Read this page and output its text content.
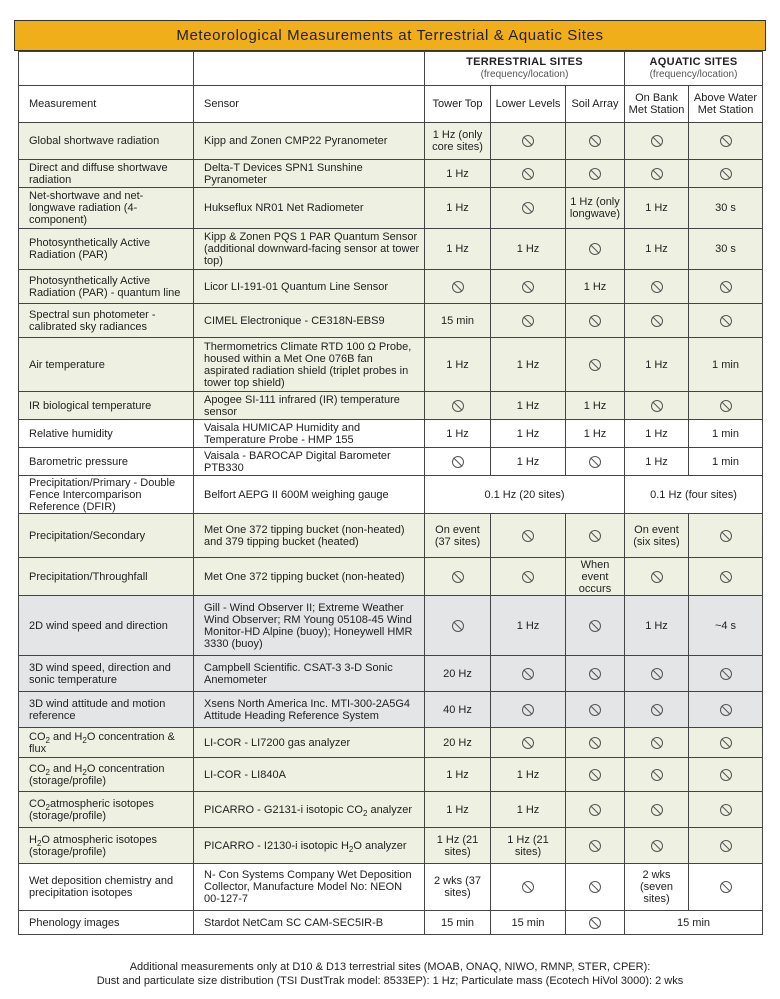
Meteorological Measurements at Terrestrial & Aquatic Sites
		TERRESTRIAL SITES
(frequency/location)			AQUATIC SITES
(frequency/location)	

Measurement	Sensor	Tower Top	Lower Levels	Soil Array	On Bank Met Station	Above Water Met Station
Global shortwave radiation	Kipp and Zonen CMP22 Pyranometer	1 Hz (only core sites)				
Direct and diffuse shortwave radiation	Delta-T Devices SPN1 Sunshine Pyranometer	1 Hz				
Net-shortwave and net-longwave radiation (4-component)	Hukseflux NR01 Net Radiometer	1 Hz		1 Hz (only longwave)	1 Hz	30 s
Photosynthetically Active Radiation (PAR)	Kipp & Zonen PQS 1 PAR Quantum Sensor (additional downward-facing sensor at tower top)	1 Hz	1 Hz		1 Hz	30 s
Photosynthetically Active Radiation (PAR) - quantum line	Licor LI-191-01 Quantum Line Sensor			1 Hz		
Spectral sun photometer - calibrated sky radiances	CIMEL Electronique - CE318N-EBS9	15 min				
Air temperature	Thermometrics Climate RTD 100 Ω Probe, housed within a Met One 076B fan aspirated radiation shield (triplet probes in tower top shield)	1 Hz	1 Hz		1 Hz	1 min
IR biological temperature	Apogee SI-111 infrared (IR) temperature sensor		1 Hz	1 Hz		
Relative humidity	Vaisala HUMICAP Humidity and Temperature Probe - HMP 155	1 Hz	1 Hz	1 Hz	1 Hz	1 min
Barometric pressure	Vaisala - BAROCAP Digital Barometer PTB330		1 Hz		1 Hz	1 min
Precipitation/Primary - Double Fence Intercomparison Reference (DFIR)	Belfort AEPG II 600M weighing gauge	0.1 Hz (20 sites)			0.1 Hz (four sites)	
Precipitation/Secondary	Met One 372 tipping bucket (non-heated) and 379 tipping bucket (heated)	On event (37 sites)			On event (six sites)	
Precipitation/Throughfall	Met One 372 tipping bucket (non-heated)			When event occurs		
2D wind speed and direction	Gill - Wind Observer II; Extreme Weather Wind Observer; RM Young 05108-45 Wind Monitor-HD Alpine (buoy); Honeywell HMR 3330 (buoy)		1 Hz		1 Hz	~4 s
3D wind speed, direction and sonic temperature	Campbell Scientific. CSAT-3 3-D Sonic Anemometer	20 Hz				
3D wind attitude and motion reference	Xsens North America Inc. MTI-300-2A5G4 Attitude Heading Reference System	40 Hz				
$CO_2$ and $H_2O$ concentration & flux	LI-COR - LI7200 gas analyzer	20 Hz				
$CO_2$ and $H_2O$ concentration (storage/profile)	LI-COR - LI840A	1 Hz	1 Hz			
$CO_2atmospheric$ isotopes (storage/profile)	PICARRO - G2131-i isotopic $CO_2$ analyzer	1 Hz	1 Hz			
$H_2O$ atmospheric isotopes (storage/profile)	PICARRO - I2130-i isotopic $H_2O$ analyzer	1 Hz (21 sites)	1 Hz (21 sites)			
Wet deposition chemistry and precipitation isotopes	N- Con Systems Company Wet Deposition Collector, Manufacture Model No: NEON 00-127-7	2 wks (37 sites)			2 wks (seven sites)	
Phenology images	Stardot NetCam SC CAM-SEC5IR-B	15 min	15 min		15 min	
Additional measurements only at D10 & D13 terrestrial sites (MOAB, ONAQ, NIWO, RMNP, STER, CPER):
Dust and particulate size distribution (TSI DustTrak model: 8533EP): 1 Hz; Particulate mass (Ecotech HiVol 3000): 2 wks
